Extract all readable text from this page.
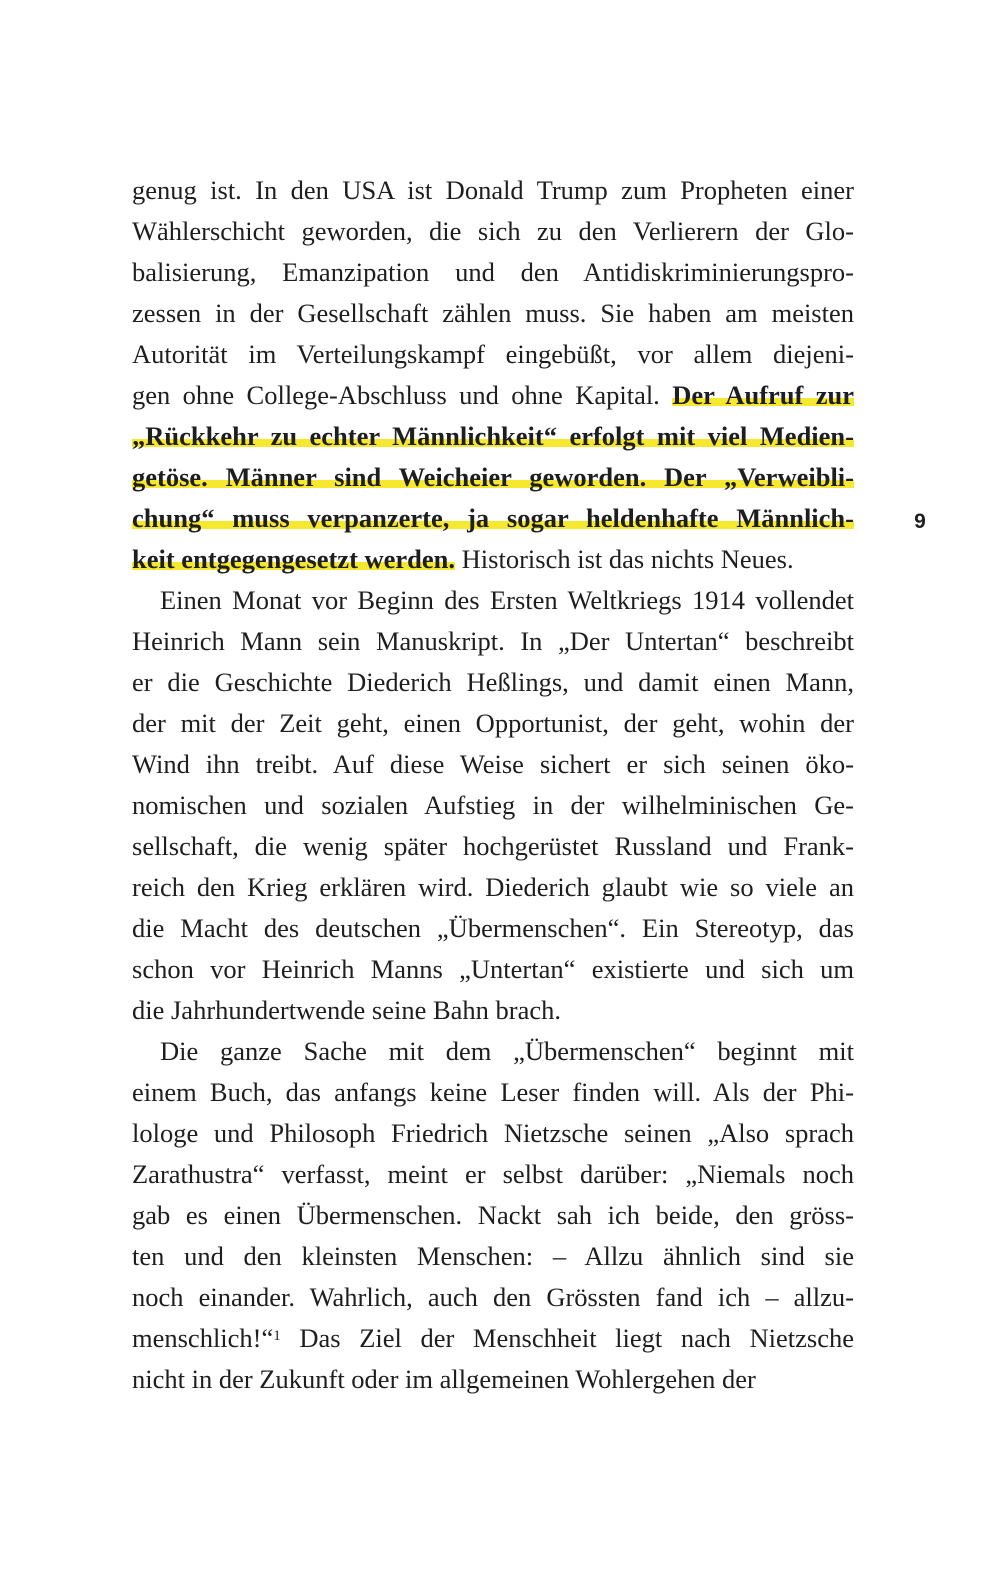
genug ist. In den USA ist Donald Trump zum Propheten einer
Wählerschicht geworden, die sich zu den Verlierern der Glo-
balisierung, Emanzipation und den Antidiskriminierungspro-
zessen in der Gesellschaft zählen muss. Sie haben am meisten
Autorität im Verteilungskampf eingebüßt, vor allem diejeni-
gen ohne College-Abschluss und ohne Kapital. Der Aufruf zur
„Rückkehr zu echter Männlichkeit“ erfolgt mit viel Medien-
getöse. Männer sind Weicheier geworden. Der „Verweibli-
chung“ muss verpanzerte, ja sogar heldenhafte Männlich-
keit entgegengesetzt werden. Historisch ist das nichts Neues.
Einen Monat vor Beginn des Ersten Weltkriegs 1914 vollendet
Heinrich Mann sein Manuskript. In „Der Untertan“ beschreibt
er die Geschichte Diederich Heßlings, und damit einen Mann,
der mit der Zeit geht, einen Opportunist, der geht, wohin der
Wind ihn treibt. Auf diese Weise sichert er sich seinen öko-
nomischen und sozialen Aufstieg in der wilhelminischen Ge-
sellschaft, die wenig später hochgerüstet Russland und Frank-
reich den Krieg erklären wird. Diederich glaubt wie so viele an
die Macht des deutschen „Übermenschen“. Ein Stereotyp, das
schon vor Heinrich Manns „Untertan“ existierte und sich um
die Jahrhundertwende seine Bahn brach.
Die ganze Sache mit dem „Übermenschen“ beginnt mit
einem Buch, das anfangs keine Leser finden will. Als der Phi-
lologe und Philosoph Friedrich Nietzsche seinen „Also sprach
Zarathustra“ verfasst, meint er selbst darüber: „Niemals noch
gab es einen Übermenschen. Nackt sah ich beide, den gröss-
ten und den kleinsten Menschen: – Allzu ähnlich sind sie
noch einander. Wahrlich, auch den Grössten fand ich – allzu-
menschlich!“$^1$ Das Ziel der Menschheit liegt nach Nietzsche
nicht in der Zukunft oder im allgemeinen Wohlergehen der
9
